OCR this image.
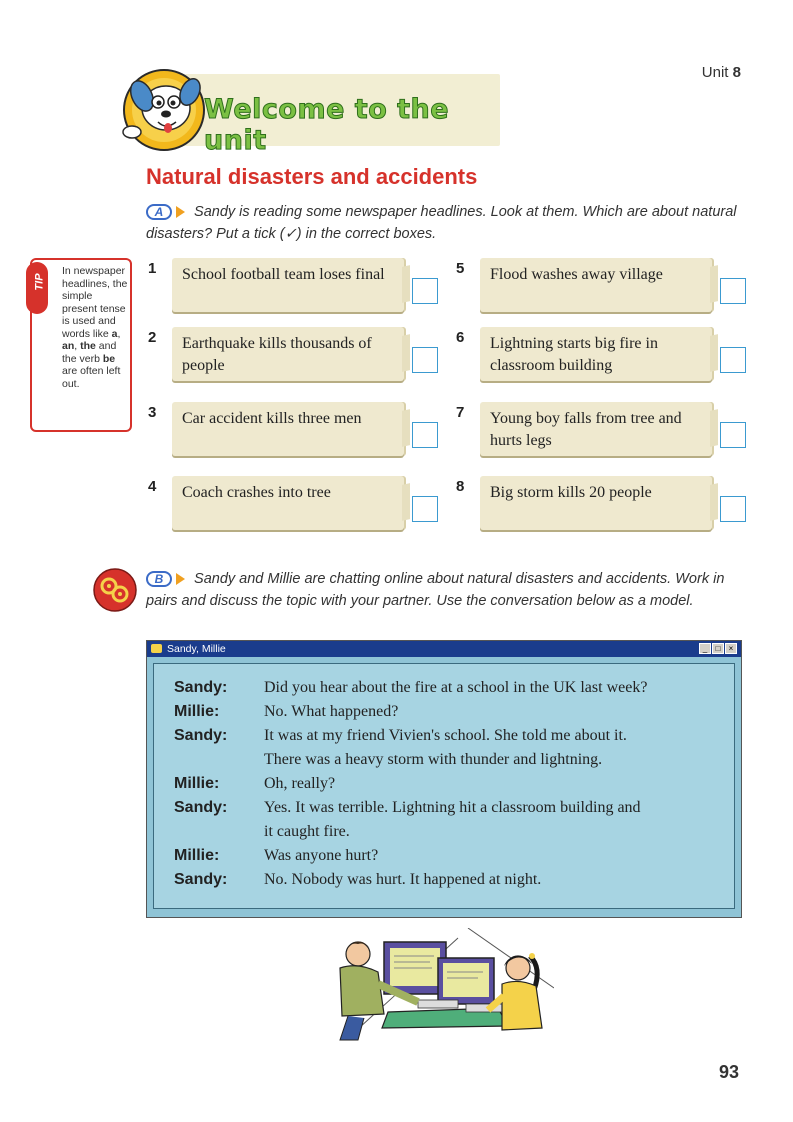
Unit 8
Welcome to the unit
Natural disasters and accidents
A	Sandy is reading some newspaper headlines. Look at them. Which are about natural disasters? Put a tick (✓) in the correct boxes.
TIP
In newspaper headlines, the simple present tense is used and words like a, an, the and the verb be are often left out.
1 School football team loses final
2 Earthquake kills thousands of people
3 Car accident kills three men
4 Coach crashes into tree
5 Flood washes away village
6 Lightning starts big fire in classroom building
7 Young boy falls from tree and hurts legs
8 Big storm kills 20 people
B	Sandy and Millie are chatting online about natural disasters and accidents. Work in pairs and discuss the topic with your partner. Use the conversation below as a model.
Sandy, Millie	_	□	×
Sandy:	Did you hear about the fire at a school in the UK last week?
Millie:	No. What happened?
Sandy:	It was at my friend Vivien's school. She told me about it.
There was a heavy storm with thunder and lightning.
Millie:	Oh, really?
Sandy:	Yes. It was terrible. Lightning hit a classroom building and
it caught fire.
Millie:	Was anyone hurt?
Sandy:	No. Nobody was hurt. It happened at night.
93
